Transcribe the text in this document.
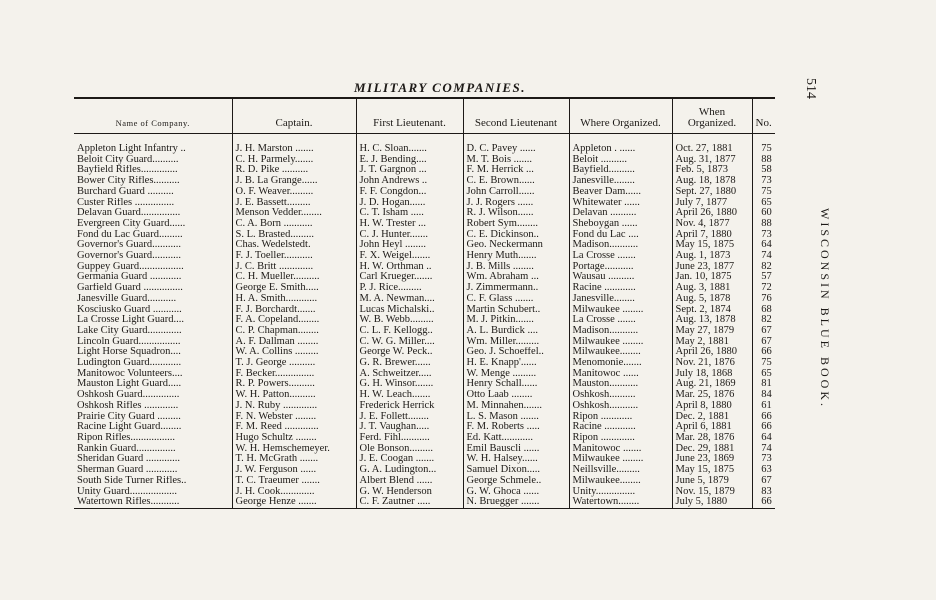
MILITARY COMPANIES.	514
WISCONSIN BLUE BOOK.
Name of Company.	Captain.	First Lieutenant.	Second Lieutenant	Where Organized.	When Organized.	No.
Appleton Light Infantry ..	J. H. Marston .......	H. C. Sloan.......	D. C. Pavey ......	Appleton . ......	Oct. 27, 1881	75
Beloit City Guard..........	C. H. Parmely.......	E. J. Bending....	M. T. Bois .......	Beloit ..........	Aug. 31, 1877	88
Bayfield Rifles..............	R. D. Pike ..........	J. T. Gargnon ...	F. M. Herrick ...	Bayfield..........	Feb. 5, 1873	58
Bower City Rifles..........	J. B. La Grange......	John Andrews ..	C. E. Brown......	Janesville........	Aug. 18, 1878	73
Burchard Guard ..........	O. F. Weaver.........	F. F. Congdon...	John Carroll......	Beaver Dam......	Sept. 27, 1880	75
Custer Rifles ...............	J. E. Bassett.........	J. D. Hogan......	J. J. Rogers ......	Whitewater ......	July 7, 1877	65
Delavan Guard...............	Menson Vedder........	C. T. Isham .....	R. J. Wilson......	Delavan ..........	April 26, 1880	60
Evergreen City Guard......	C. A. Born ...........	H. W. Trester ...	Robert Sym........	Sheboygan ......	Nov. 4, 1877	88
Fond du Lac Guard.........	S. L. Brasted.........	C. J. Hunter.......	C. E. Dickinson..	Fond du Lac ....	April 7, 1880	73
Governor's Guard...........	Chas. Wedelstedt.	John Heyl ........	Geo. Neckermann	Madison...........	May 15, 1875	64
Governor's Guard...........	F. J. Toeller...........	F. X. Weigel.......	Henry Muth.......	La Crosse .......	Aug. 1, 1873	74
Guppey Guard.................	J. C. Britt .............	H. W. Orthman ..	J. B. Mills ........	Portage...........	June 23, 1877	82
Germania Guard ............	C. H. Mueller..........	Carl Krueger.......	Wm. Abraham ...	Wausau ..........	Jan. 10, 1875	57
Garfield Guard ...............	George E. Smith.....	P. J. Rice.........	J. Zimmermann..	Racine ............	Aug. 3, 1881	72
Janesville Guard...........	H. A. Smith............	M. A. Newman....	C. F. Glass .......	Janesville........	Aug. 5, 1878	76
Kosciusko Guard ...........	F. J. Borchardt.......	Lucas Michalski..	Martin Schubert..	Milwaukee ........	Sept. 2, 1874	68
La Crosse Light Guard....	F. A. Copeland........	W. B. Webb.........	M. J. Pitkin.......	La Crosse .......	Aug. 13, 1878	82
Lake City Guard.............	C. P. Chapman........	C. L. F. Kellogg..	A. L. Burdick ....	Madison...........	May 27, 1879	67
Lincoln Guard................	A. F. Dallman ........	C. W. G. Miller....	Wm. Miller.........	Milwaukee ........	May 2, 1881	67
Light Horse Squadron....	W. A. Collins .........	George W. Peck..	Geo. J. Schoeffel..	Milwaukee........	April 26, 1880	66
Ludington Guard............	T. J. George ..........	G. R. Brewer......	H. E. Knapp'......	Menomonie.......	Nov. 21, 1876	75
Manitowoc Volunteers....	F. Becker...............	A. Schweitzer.....	W. Menge .........	Manitowoc ......	July 18, 1868	65
Mauston Light Guard.....	R. P. Powers..........	G. H. Winsor.......	Henry Schall......	Mauston...........	Aug. 21, 1869	81
Oshkosh Guard..............	W. H. Patton..........	H. W. Leach.......	Otto Laab ........	Oshkosh..........	Mar. 25, 1876	84
Oshkosh Rifles .............	J. N. Ruby .............	Frederick Herrick	M. Minnahen.......	Oshkosh...........	April 8, 1880	61
Prairie City Guard .........	F. N. Webster ........	J. E. Follett........	L. S. Mason .......	Ripon ............	Dec. 2, 1881	66
Racine Light Guard........	F. M. Reed .............	J. T. Vaughan.....	F. M. Roberts .....	Racine ............	April 6, 1881	66
Ripon Rifles.................	Hugo Schultz ........	Ferd. Fihl...........	Ed. Katt............	Ripon .............	Mar. 28, 1876	64
Rankin Guard...............	W. H. Hemschemeyer.	Ole Bonson.........	Emil Bauscli ......	Manitowoc .......	Dec. 29, 1881	74
Sheridan Guard .............	T. H. McGrath .......	J. E. Coogan .......	W. H. Halsey......	Milwaukee ........	June 23, 1869	73
Sherman Guard ............	J. W. Ferguson ......	G. A. Ludington...	Samuel Dixon.....	Neillsville.........	May 15, 1875	63
South Side Turner Rifles..	T. C. Traeumer .......	Albert Blend ......	George Schmele..	Milwaukee........	June 5, 1879	67
Unity Guard..................	J. H. Cook.............	G. W. Henderson	G. W. Ghoca ......	Unity...............	Nov. 15, 1879	83
Watertown Rifles...........	George Henze .......	C. F. Zautner .....	N. Bruegger .......	Watertown........	July 5, 1880	66
